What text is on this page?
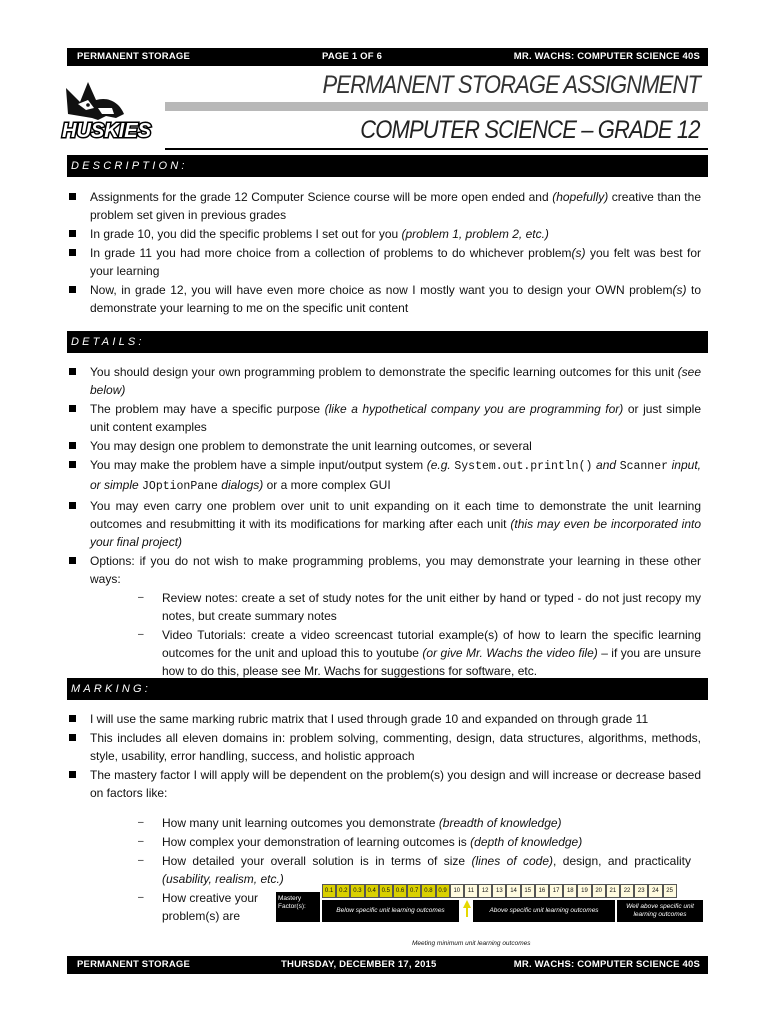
PERMANENT STORAGE	PAGE 1 OF 6	MR. WACHS: COMPUTER SCIENCE 40S
HUSKIES
PERMANENT STORAGE ASSIGNMENT
COMPUTER SCIENCE – GRADE 12
DESCRIPTION:
Assignments for the grade 12 Computer Science course will be more open ended and (hopefully) creative than the problem set given in previous grades
In grade 10, you did the specific problems I set out for you (problem 1, problem 2, etc.)
In grade 11 you had more choice from a collection of problems to do whichever problem(s) you felt was best for your learning
Now, in grade 12, you will have even more choice as now I mostly want you to design your OWN problem(s) to demonstrate your learning to me on the specific unit content
DETAILS:
You should design your own programming problem to demonstrate the specific learning outcomes for this unit (see below)
The problem may have a specific purpose (like a hypothetical company you are programming for) or just simple unit content examples
You may design one problem to demonstrate the unit learning outcomes, or several
You may make the problem have a simple input/output system (e.g. System.out.println() and Scanner input, or simple JOptionPane dialogs) or a more complex GUI
You may even carry one problem over unit to unit expanding on it each time to demonstrate the unit learning outcomes and resubmitting it with its modifications for marking after each unit (this may even be incorporated into your final project)
Options: if you do not wish to make programming problems, you may demonstrate your learning in these other ways:
– Review notes: create a set of study notes for the unit either by hand or typed - do not just recopy my notes, but create summary notes
– Video Tutorials: create a video screencast tutorial example(s) of how to learn the specific learning outcomes for the unit and upload this to youtube (or give Mr. Wachs the video file) – if you are unsure how to do this, please see Mr. Wachs for suggestions for software, etc.
MARKING:
I will use the same marking rubric matrix that I used through grade 10 and expanded on through grade 11
This includes all eleven domains in: problem solving, commenting, design, data structures, algorithms, methods, style, usability, error handling, success, and holistic approach
The mastery factor I will apply will be dependent on the problem(s) you design and will increase or decrease based on factors like:
– How many unit learning outcomes you demonstrate (breadth of knowledge)
– How complex your demonstration of learning outcomes is (depth of knowledge)
– How detailed your overall solution is in terms of size (lines of code), design, and practicality (usability, realism, etc.)
– How creative your
problem(s) are
Mastery Factor(s):
0.1 0.2 0.3 0.4 0.5 0.6 0.7 0.8 0.9	10	11	12	13	14	15	16	17	18	19	20	21	22	23	24	25
Below specific unit learning outcomes	Above specific unit learning outcomes
Well above specific unit learning outcomes
Meeting minimum unit learning outcomes
PERMANENT STORAGE	THURSDAY, DECEMBER 17, 2015	MR. WACHS: COMPUTER SCIENCE 40S
